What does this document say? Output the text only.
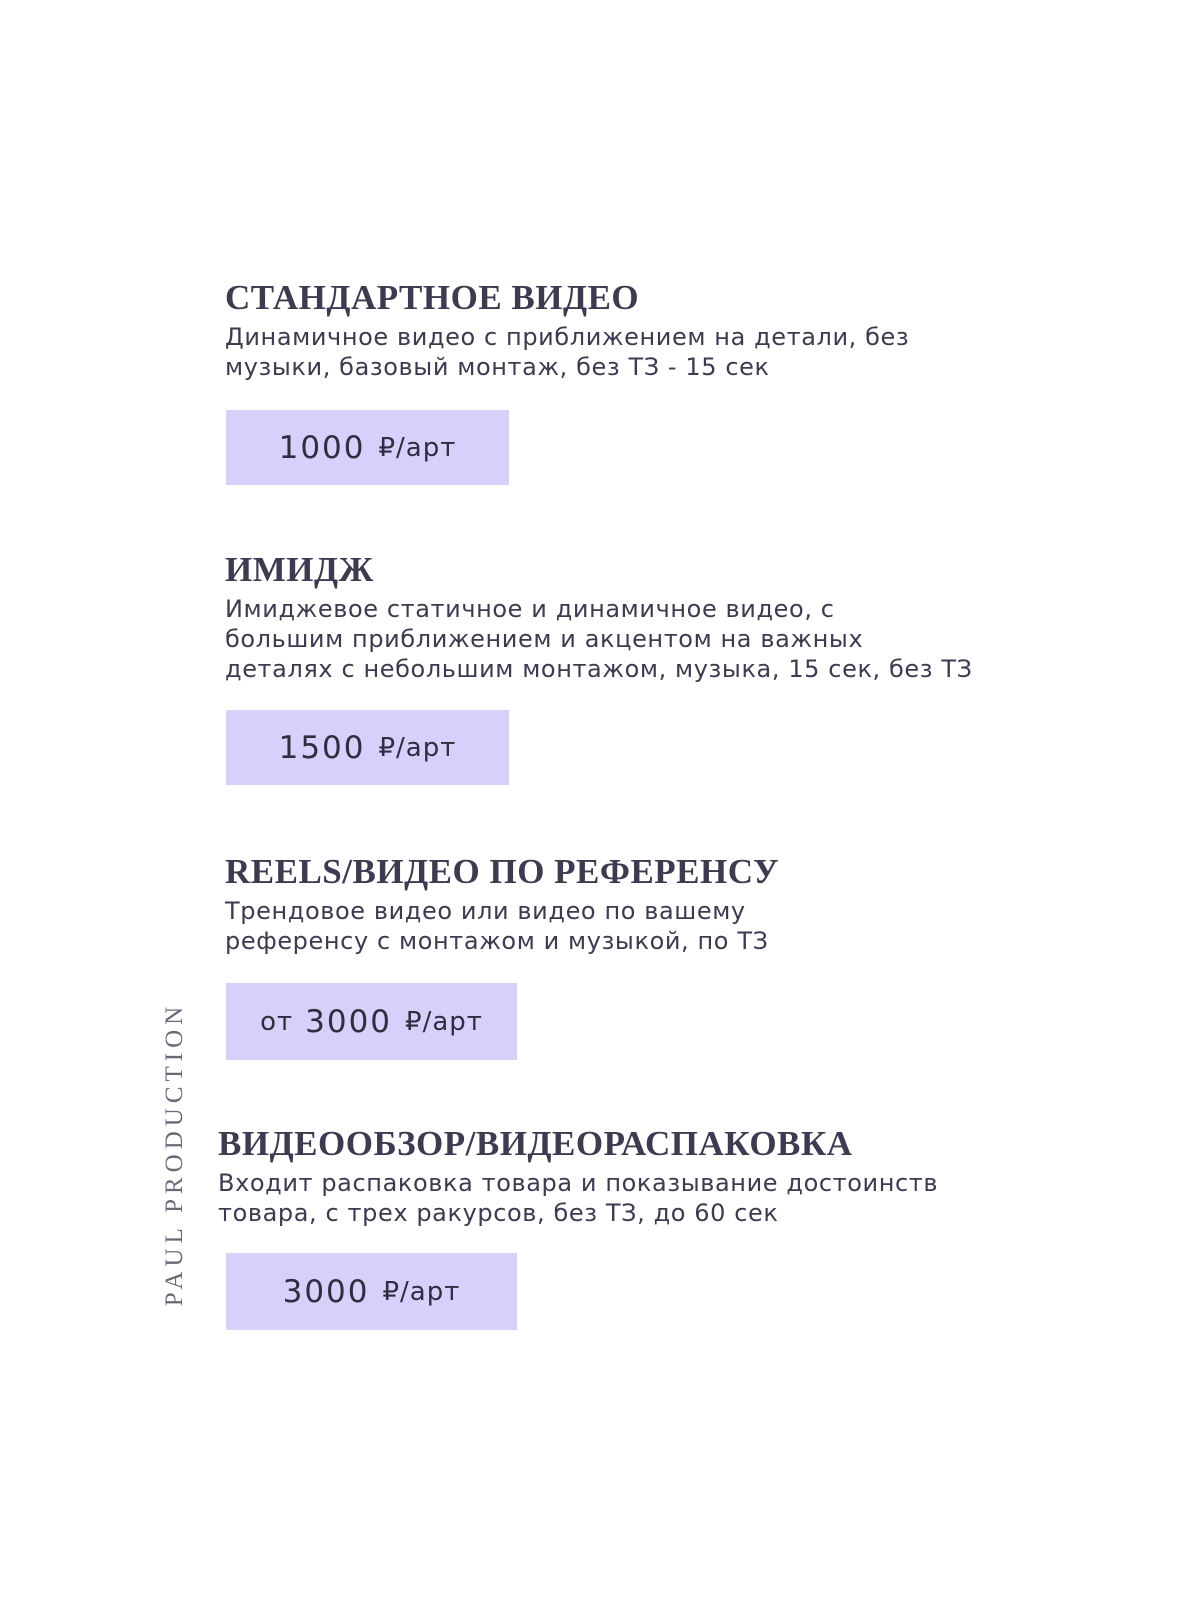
PAUL PRODUCTION
СТАНДАРТНОЕ ВИДЕО

Динамичное видео с приближением на детали, без
музыки, базовый монтаж, без ТЗ - 15 сек

1000 ₽/арт
ИМИДЖ

Имиджевое статичное и динамичное видео, с
большим приближением и акцентом на важных
деталях с небольшим монтажом, музыка, 15 сек, без ТЗ

1500 ₽/арт
REELS/ВИДЕО ПО РЕФЕРЕНСУ

Трендовое видео или видео по вашему
референсу с монтажом и музыкой, по ТЗ

от 3000 ₽/арт
ВИДЕООБЗОР/ВИДЕОРАСПАКОВКА

Входит распаковка товара и показывание достоинств
товара, с трех ракурсов, без ТЗ, до 60 сек

3000 ₽/арт
